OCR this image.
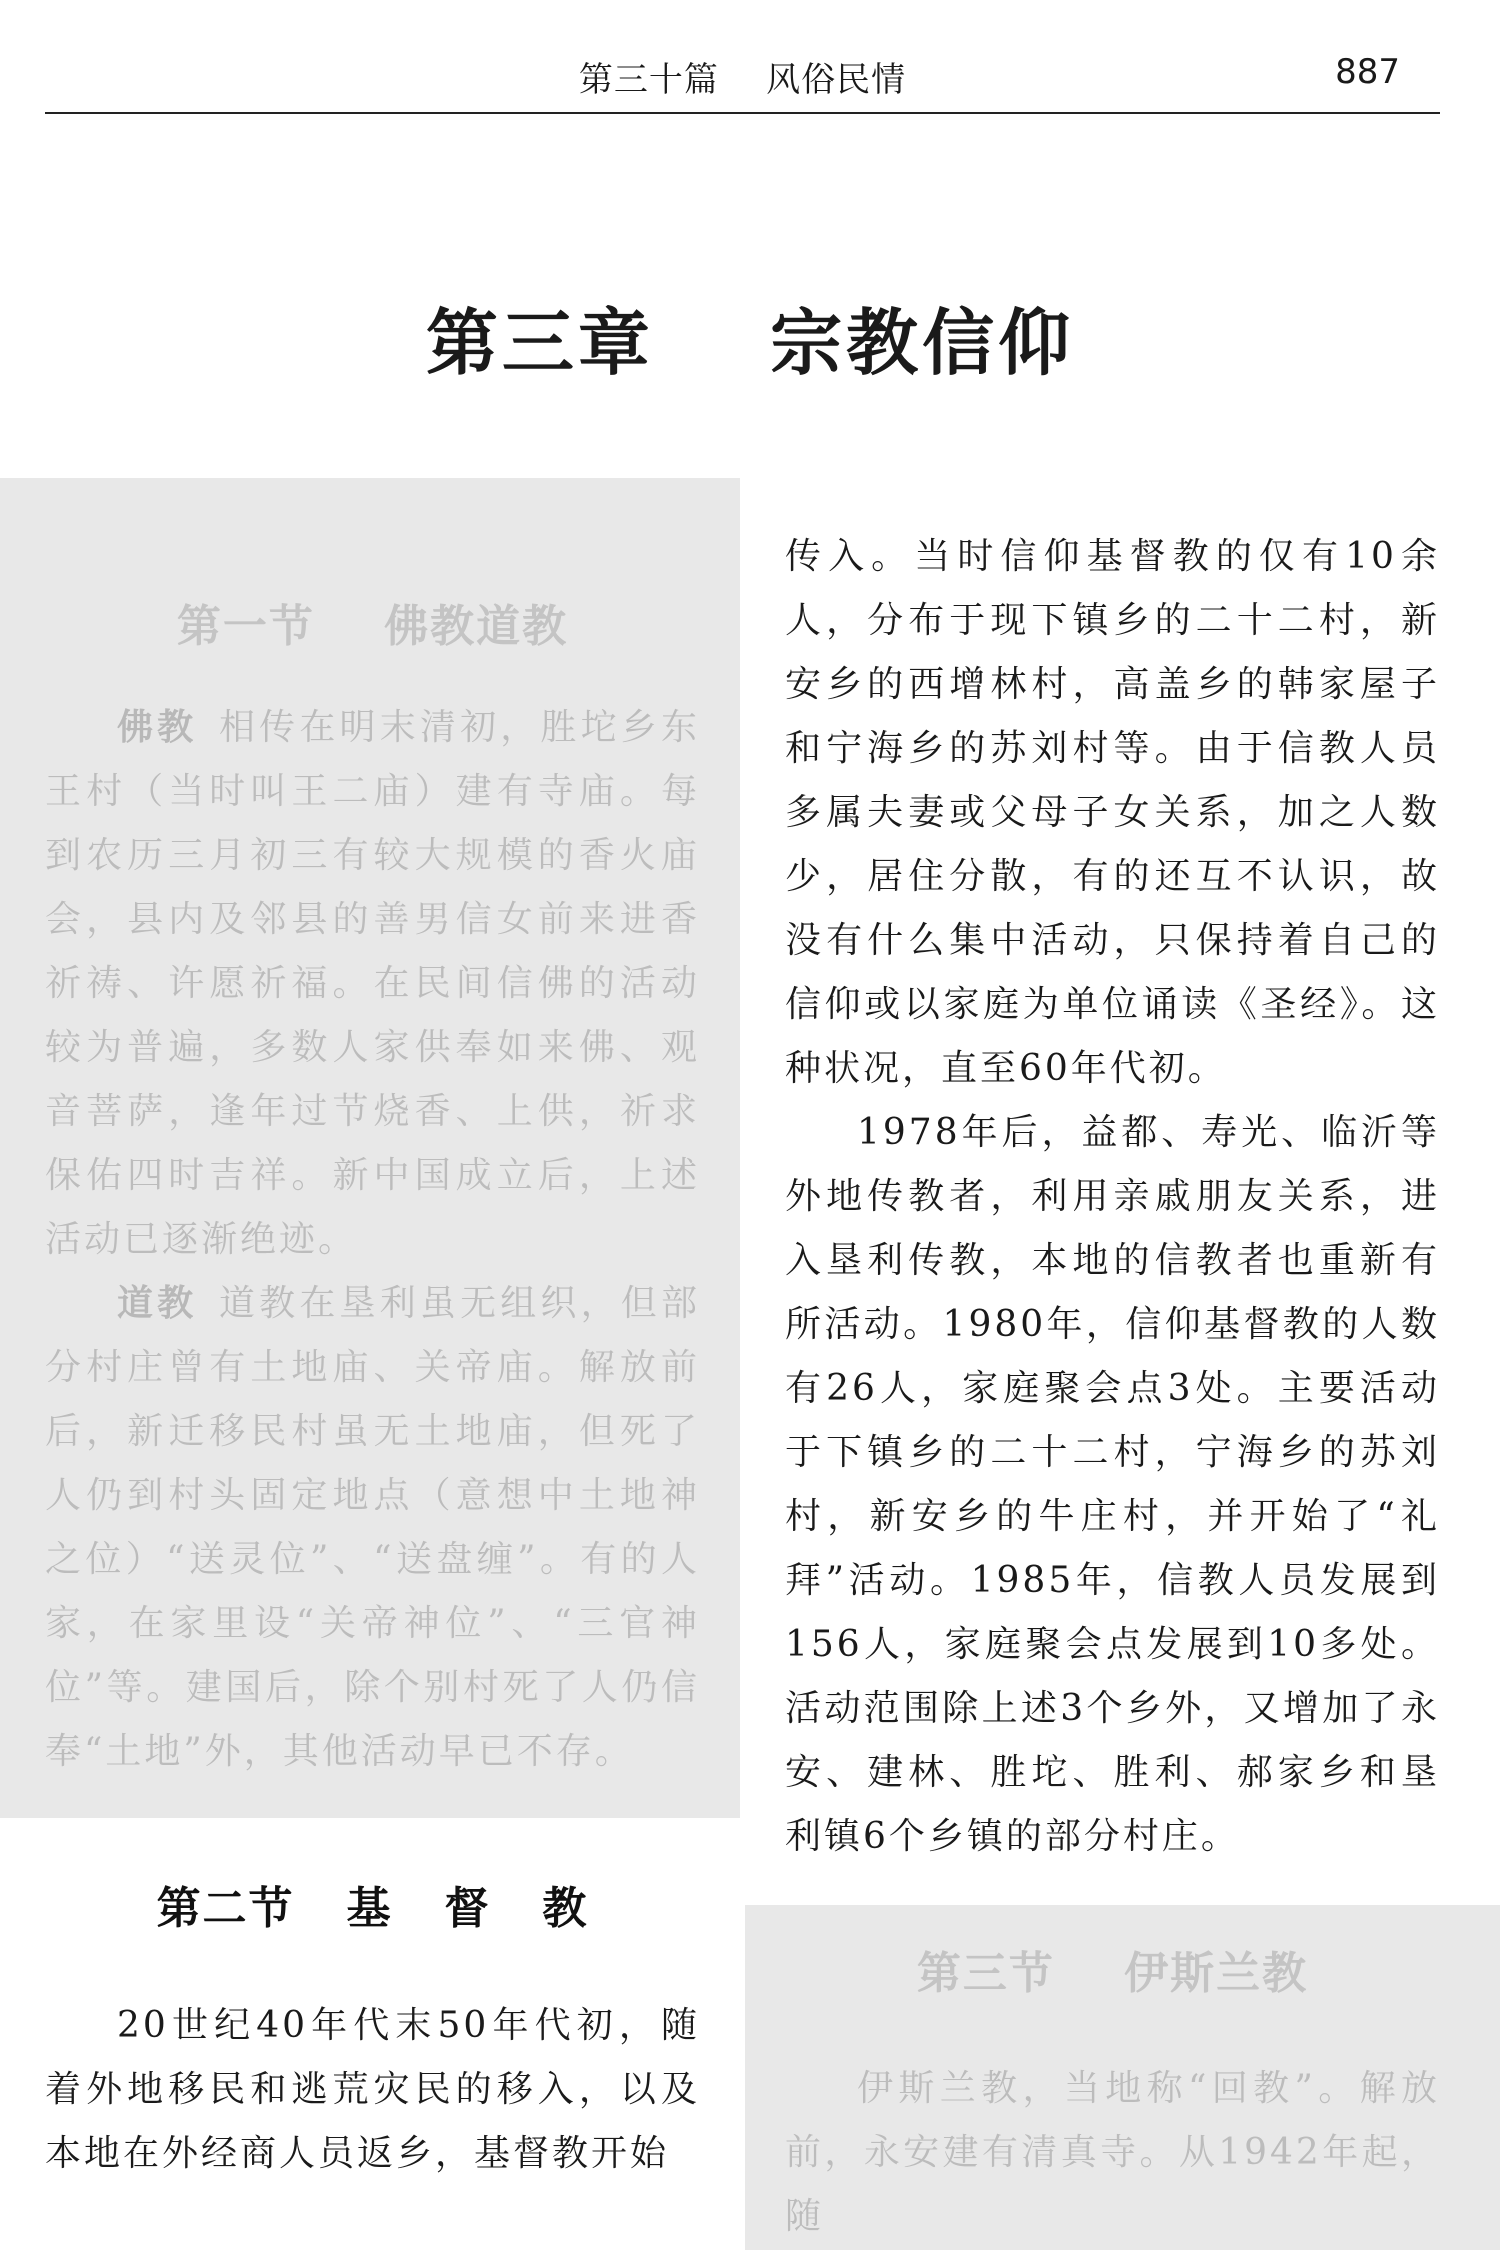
第三十篇    风俗民情	887
第三章    宗教信仰
第一节    佛教道教

佛教 相传在明末清初，胜坨乡东王村（当时叫王二庙）建有寺庙。每到农历三月初三有较大规模的香火庙会，县内及邻县的善男信女前来进香祈祷、许愿祈福。在民间信佛的活动较为普遍，多数人家供奉如来佛、观音菩萨，逢年过节烧香、上供，祈求保佑四时吉祥。新中国成立后，上述活动已逐渐绝迹。

道教 道教在垦利虽无组织，但部分村庄曾有土地庙、关帝庙。解放前后，新迁移民村虽无土地庙，但死了人仍到村头固定地点（意想中土地神之位）“送灵位”、“送盘缠”。有的人家，在家里设“关帝神位”、“三官神位”等。建国后，除个别村死了人仍信奉“土地”外，其他活动早已不存。

第二节   基   督   教

20世纪40年代末50年代初，随着外地移民和逃荒灾民的移入，以及本地在外经商人员返乡，基督教开始

传入。当时信仰基督教的仅有10余人，分布于现下镇乡的二十二村，新安乡的西增林村，高盖乡的韩家屋子和宁海乡的苏刘村等。由于信教人员多属夫妻或父母子女关系，加之人数少，居住分散，有的还互不认识，故没有什么集中活动，只保持着自己的信仰或以家庭为单位诵读《圣经》。这种状况，直至60年代初。

1978年后，益都、寿光、临沂等外地传教者，利用亲戚朋友关系，进入垦利传教，本地的信教者也重新有所活动。1980年，信仰基督教的人数有26人，家庭聚会点3处。主要活动于下镇乡的二十二村，宁海乡的苏刘村，新安乡的牛庄村，并开始了“礼拜”活动。1985年，信教人员发展到156人，家庭聚会点发展到10多处。活动范围除上述3个乡外，又增加了永安、建林、胜坨、胜利、郝家乡和垦利镇6个乡镇的部分村庄。

第三节    伊斯兰教

伊斯兰教，当地称“回教”。解放前，永安建有清真寺。从1942年起，随
